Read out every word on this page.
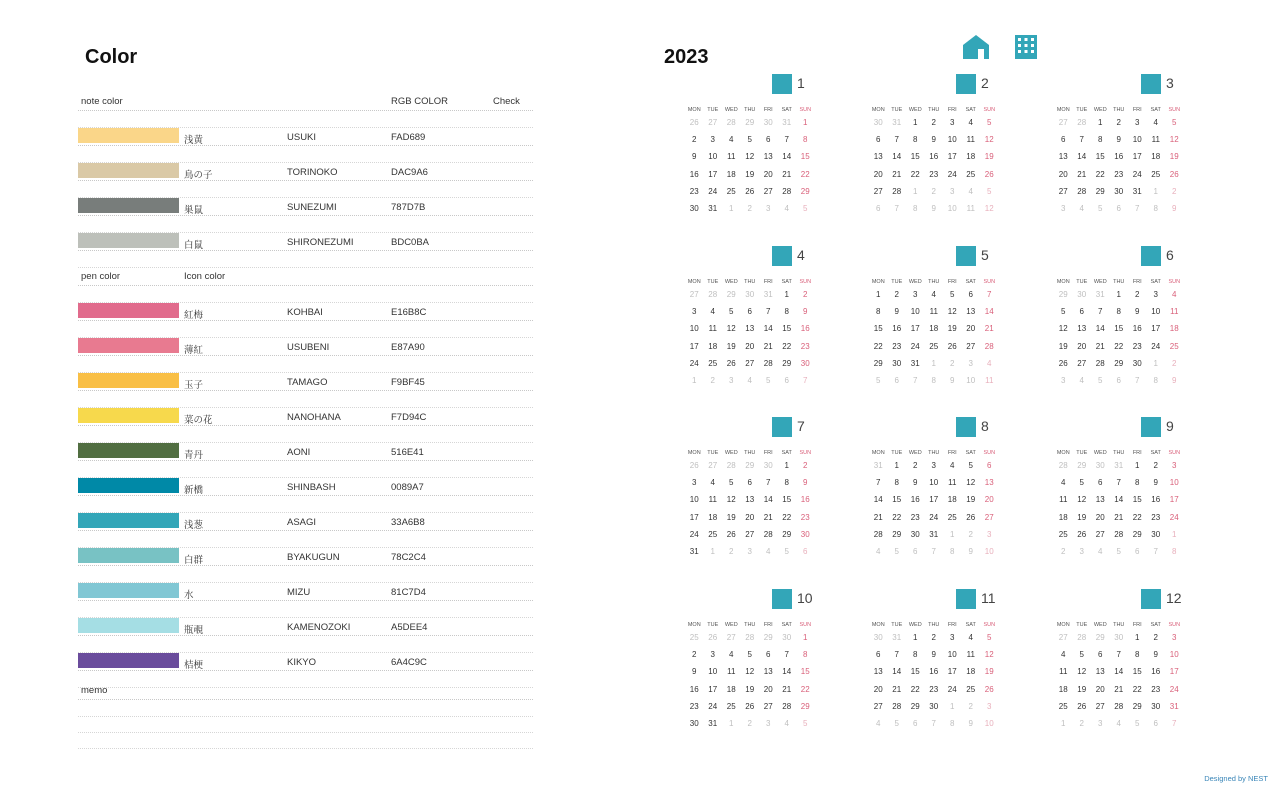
Color
note color	RGB COLOR	Check
浅黄	USUKI	FAD689
鳥の子	TORINOKO	DAC9A6
巣鼠	SUNEZUMI	787D7B
白鼠	SHIRONEZUMI	BDC0BA
pen color	Icon color
紅梅	KOHBAI	E16B8C
薄紅	USUBENI	E87A90
玉子	TAMAGO	F9BF45
菜の花	NANOHANA	F7D94C
青丹	AONI	516E41
新橋	SHINBASH	0089A7
浅葱	ASAGI	33A6B8
白群	BYAKUGUN	78C2C4
水	MIZU	81C7D4
瓶覗	KAMENOZOKI	A5DEE4
桔梗	KIKYO	6A4C9C
memo
2023
1
MON	TUE	WED	THU	FRI	SAT	SUN
26	27	28	29	30	31	1
2	3	4	5	6	7	8
9	10	11	12	13	14	15
16	17	18	19	20	21	22
23	24	25	26	27	28	29
30	31	1	2	3	4	5
2
MON	TUE	WED	THU	FRI	SAT	SUN
30	31	1	2	3	4	5
6	7	8	9	10	11	12
13	14	15	16	17	18	19
20	21	22	23	24	25	26
27	28	1	2	3	4	5
6	7	8	9	10	11	12
3
MON	TUE	WED	THU	FRI	SAT	SUN
27	28	1	2	3	4	5
6	7	8	9	10	11	12
13	14	15	16	17	18	19
20	21	22	23	24	25	26
27	28	29	30	31	1	2
3	4	5	6	7	8	9
4
MON	TUE	WED	THU	FRI	SAT	SUN
27	28	29	30	31	1	2
3	4	5	6	7	8	9
10	11	12	13	14	15	16
17	18	19	20	21	22	23
24	25	26	27	28	29	30
1	2	3	4	5	6	7
5
MON	TUE	WED	THU	FRI	SAT	SUN
1	2	3	4	5	6	7
8	9	10	11	12	13	14
15	16	17	18	19	20	21
22	23	24	25	26	27	28
29	30	31	1	2	3	4
5	6	7	8	9	10	11
6
MON	TUE	WED	THU	FRI	SAT	SUN
29	30	31	1	2	3	4
5	6	7	8	9	10	11
12	13	14	15	16	17	18
19	20	21	22	23	24	25
26	27	28	29	30	1	2
3	4	5	6	7	8	9
7
MON	TUE	WED	THU	FRI	SAT	SUN
26	27	28	29	30	1	2
3	4	5	6	7	8	9
10	11	12	13	14	15	16
17	18	19	20	21	22	23
24	25	26	27	28	29	30
31	1	2	3	4	5	6
8
MON	TUE	WED	THU	FRI	SAT	SUN
31	1	2	3	4	5	6
7	8	9	10	11	12	13
14	15	16	17	18	19	20
21	22	23	24	25	26	27
28	29	30	31	1	2	3
4	5	6	7	8	9	10
9
MON	TUE	WED	THU	FRI	SAT	SUN
28	29	30	31	1	2	3
4	5	6	7	8	9	10
11	12	13	14	15	16	17
18	19	20	21	22	23	24
25	26	27	28	29	30	1
2	3	4	5	6	7	8
10
MON	TUE	WED	THU	FRI	SAT	SUN
25	26	27	28	29	30	1
2	3	4	5	6	7	8
9	10	11	12	13	14	15
16	17	18	19	20	21	22
23	24	25	26	27	28	29
30	31	1	2	3	4	5
11
MON	TUE	WED	THU	FRI	SAT	SUN
30	31	1	2	3	4	5
6	7	8	9	10	11	12
13	14	15	16	17	18	19
20	21	22	23	24	25	26
27	28	29	30	1	2	3
4	5	6	7	8	9	10
12
MON	TUE	WED	THU	FRI	SAT	SUN
27	28	29	30	1	2	3
4	5	6	7	8	9	10
11	12	13	14	15	16	17
18	19	20	21	22	23	24
25	26	27	28	29	30	31
1	2	3	4	5	6	7
Designed by NEST
